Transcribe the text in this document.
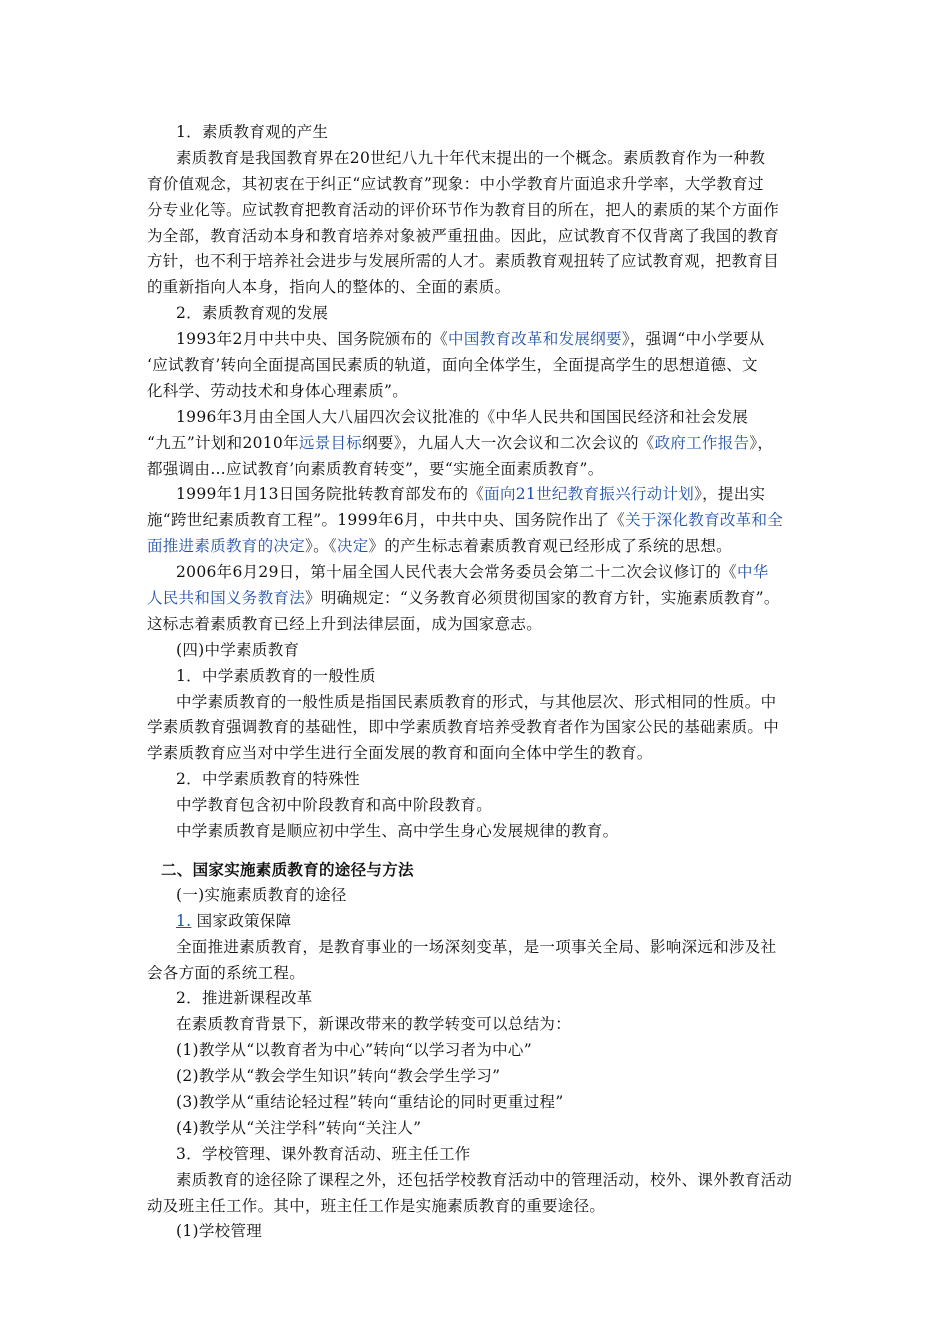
1．素质教育观的产生
素质教育是我国教育界在20世纪八九十年代末提出的一个概念。素质教育作为一种教
育价值观念，其初衷在于纠正“应试教育”现象：中小学教育片面追求升学率，大学教育过
分专业化等。应试教育把教育活动的评价环节作为教育目的所在，把人的素质的某个方面作
为全部，教育活动本身和教育培养对象被严重扭曲。因此，应试教育不仅背离了我国的教育
方针，也不利于培养社会进步与发展所需的人才。素质教育观扭转了应试教育观，把教育目
的重新指向人本身，指向人的整体的、全面的素质。
2．素质教育观的发展
1993年2月中共中央、国务院颁布的《中国教育改革和发展纲要》，强调“中小学要从
‘应试教育’转向全面提高国民素质的轨道，面向全体学生，全面提高学生的思想道德、文
化科学、劳动技术和身体心理素质”。
1996年3月由全国人大八届四次会议批准的《中华人民共和国国民经济和社会发展
“九五”计划和2010年远景目标纲要》，九届人大一次会议和二次会议的《政府工作报告》，
都强调由…应试教育’向素质教育转变”，要“实施全面素质教育”。
1999年1月13日国务院批转教育部发布的《面向21世纪教育振兴行动计划》，提出实
施“跨世纪素质教育工程”。1999年6月，中共中央、国务院作出了《关于深化教育改革和全
面推进素质教育的决定》。《决定》的产生标志着素质教育观已经形成了系统的思想。
2006年6月29日，第十届全国人民代表大会常务委员会第二十二次会议修订的《中华
人民共和国义务教育法》明确规定：“义务教育必须贯彻国家的教育方针，实施素质教育”。
这标志着素质教育已经上升到法律层面，成为国家意志。
(四)中学素质教育
1．中学素质教育的一般性质
中学素质教育的一般性质是指国民素质教育的形式，与其他层次、形式相同的性质。中
学素质教育强调教育的基础性，即中学素质教育培养受教育者作为国家公民的基础素质。中
学素质教育应当对中学生进行全面发展的教育和面向全体中学生的教育。
2．中学素质教育的特殊性
中学教育包含初中阶段教育和高中阶段教育。
中学素质教育是顺应初中学生、高中学生身心发展规律的教育。
二、国家实施素质教育的途径与方法
(一)实施素质教育的途径
1. 国家政策保障
全面推进素质教育，是教育事业的一场深刻变革，是一项事关全局、影响深远和涉及社
会各方面的系统工程。
2．推进新课程改革
在素质教育背景下，新课改带来的教学转变可以总结为：
(1)教学从“以教育者为中心”转向“以学习者为中心”
(2)教学从“教会学生知识”转向“教会学生学习”
(3)教学从“重结论轻过程”转向“重结论的同时更重过程”
(4)教学从“关注学科”转向“关注人”
3．学校管理、课外教育活动、班主任工作
素质教育的途径除了课程之外，还包括学校教育活动中的管理活动，校外、课外教育活动
动及班主任工作。其中，班主任工作是实施素质教育的重要途径。
(1)学校管理
